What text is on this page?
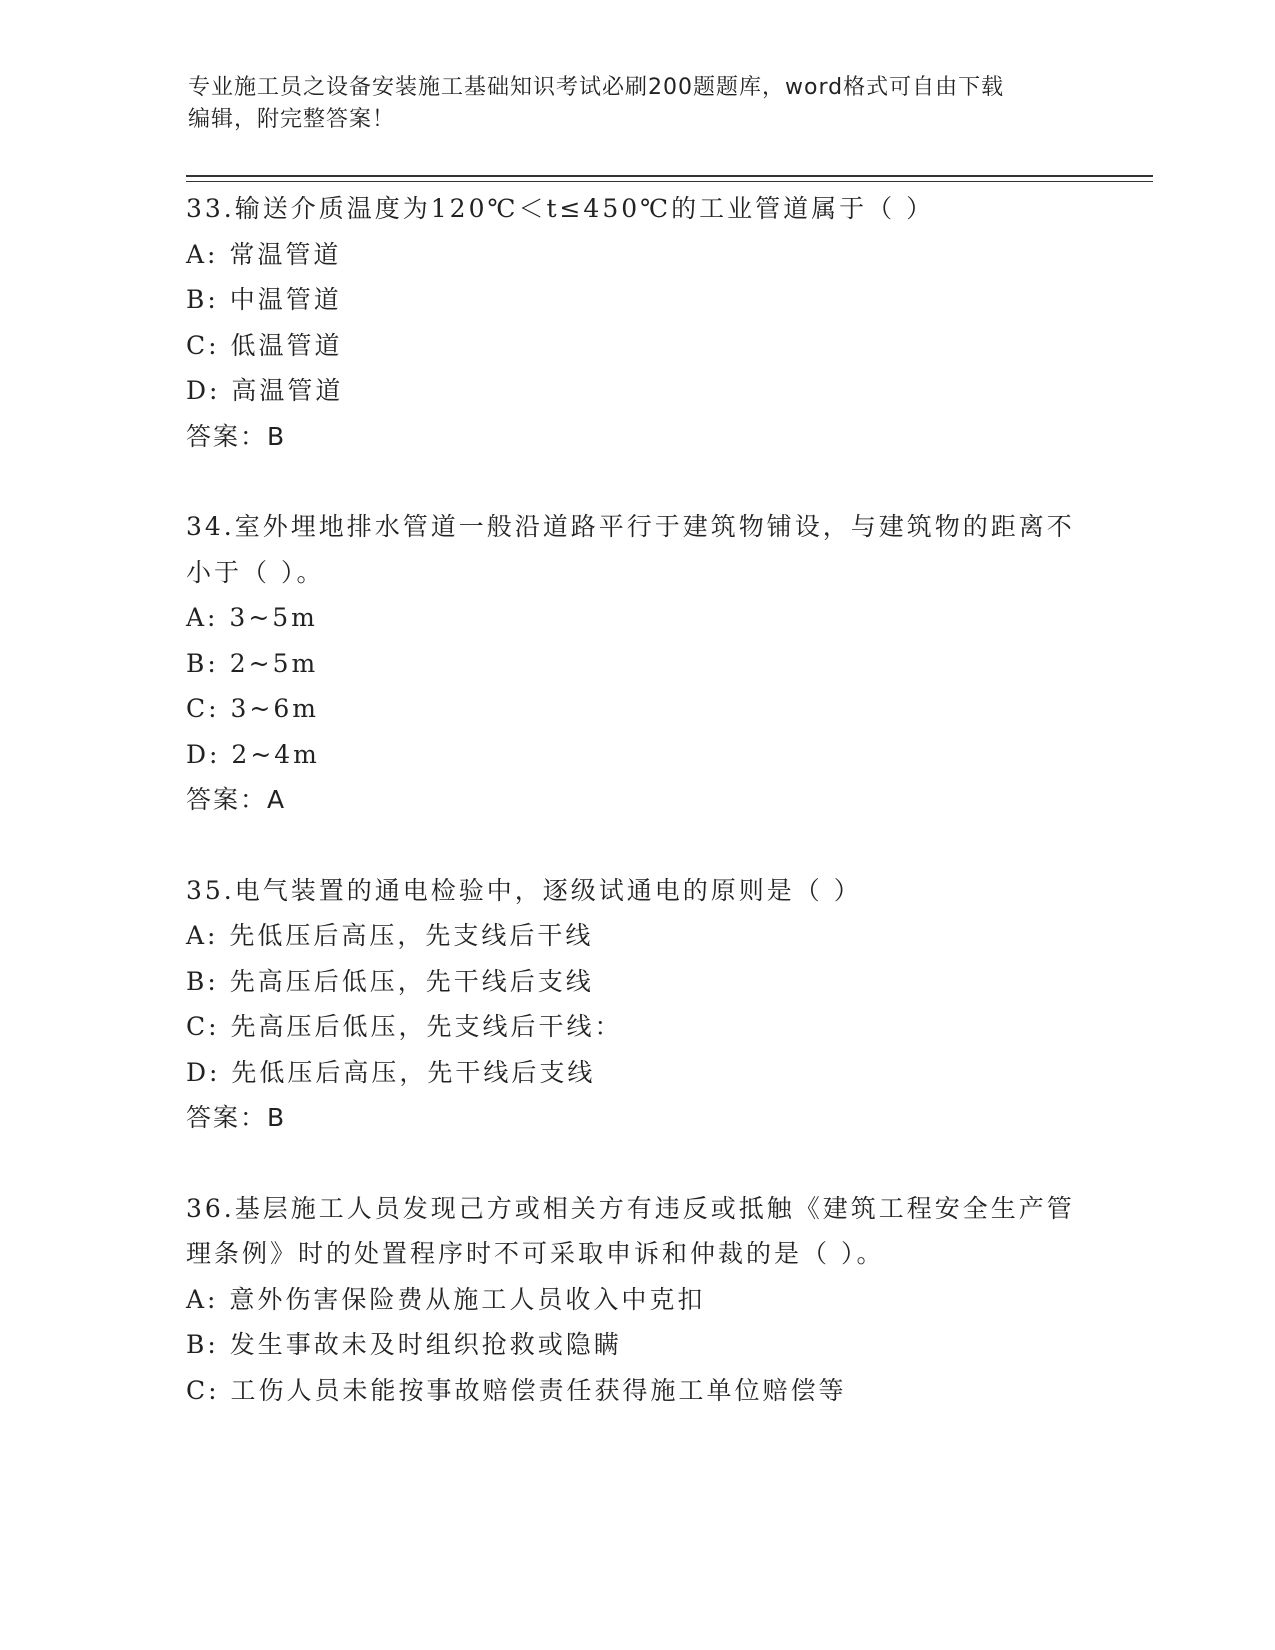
专业施工员之设备安装施工基础知识考试必刷200题题库，word格式可自由下载
编辑，附完整答案！
33.输送介质温度为120℃＜t≤450℃的工业管道属于（ ）
A: 常温管道
B: 中温管道
C: 低温管道
D: 高温管道
答案：B
34.室外埋地排水管道一般沿道路平行于建筑物铺设，与建筑物的距离不小于（ ）。
A: 3~5m
B: 2~5m
C: 3~6m
D: 2~4m
答案：A
35.电气装置的通电检验中，逐级试通电的原则是（ ）
A: 先低压后高压，先支线后干线
B: 先高压后低压，先干线后支线
C: 先高压后低压，先支线后干线：
D: 先低压后高压，先干线后支线
答案：B
36.基层施工人员发现己方或相关方有违反或抵触《建筑工程安全生产管理条例》时的处置程序时不可采取申诉和仲裁的是（ ）。
A: 意外伤害保险费从施工人员收入中克扣
B: 发生事故未及时组织抢救或隐瞒
C: 工伤人员未能按事故赔偿责任获得施工单位赔偿等
